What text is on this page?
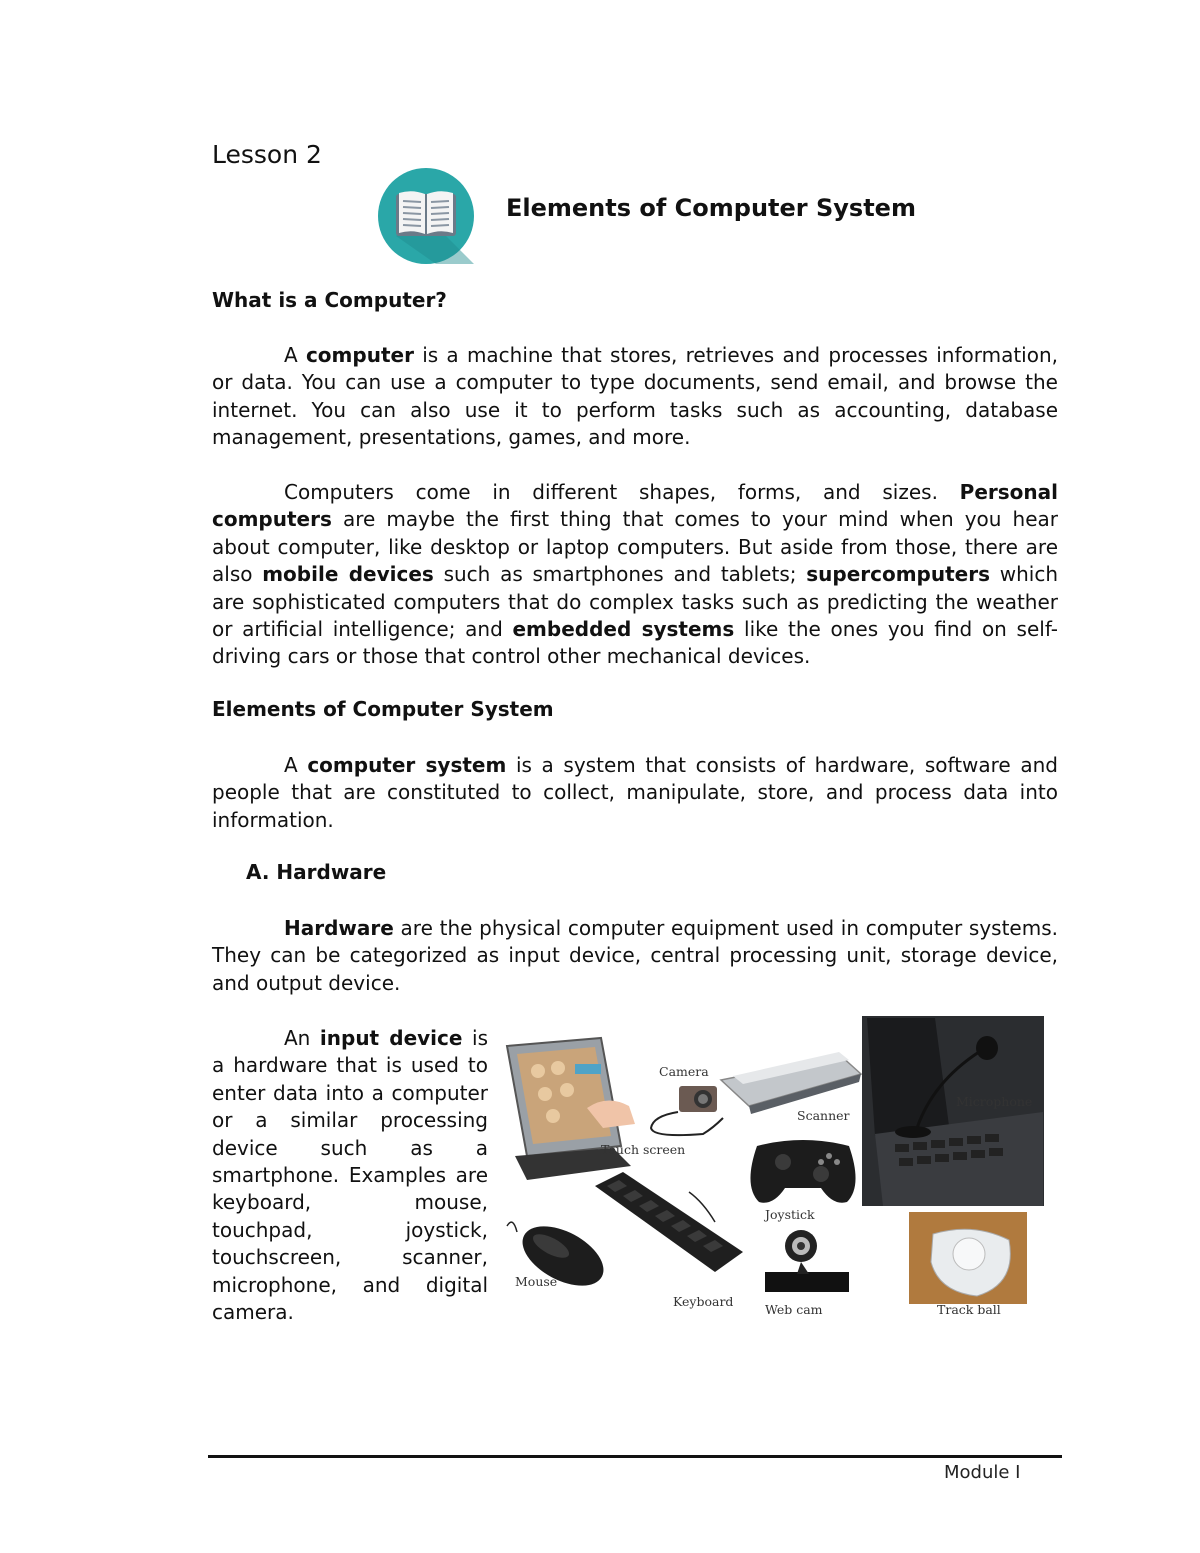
Lesson 2
Elements of Computer System
What is a Computer?

A computer is a machine that stores, retrieves and processes information, or data. You can use a computer to type documents, send email, and browse the internet. You can also use it to perform tasks such as accounting, database management, presentations, games, and more.

Computers come in different shapes, forms, and sizes. Personal computers are maybe the first thing that comes to your mind when you hear about computer, like desktop or laptop computers. But aside from those, there are also mobile devices such as smartphones and tablets; supercomputers which are sophisticated computers that do complex tasks such as predicting the weather or artificial intelligence; and embedded systems like the ones you find on self-driving cars or those that control other mechanical devices.

Elements of Computer System

A computer system is a system that consists of hardware, software and people that are constituted to collect, manipulate, store, and process data into information.

A. Hardware

Hardware are the physical computer equipment used in computer systems. They can be categorized as input device, central processing unit, storage device, and output device.

An input device is a hardware that is used to enter data into a computer or a similar processing device such as a smartphone. Examples are keyboard, mouse, touchpad, joystick, touchscreen, scanner, microphone, and digital camera.

Touch screen
Camera
Scanner
Microphone
Joystick
Mouse
Keyboard
Web cam	Track ball
Module I
